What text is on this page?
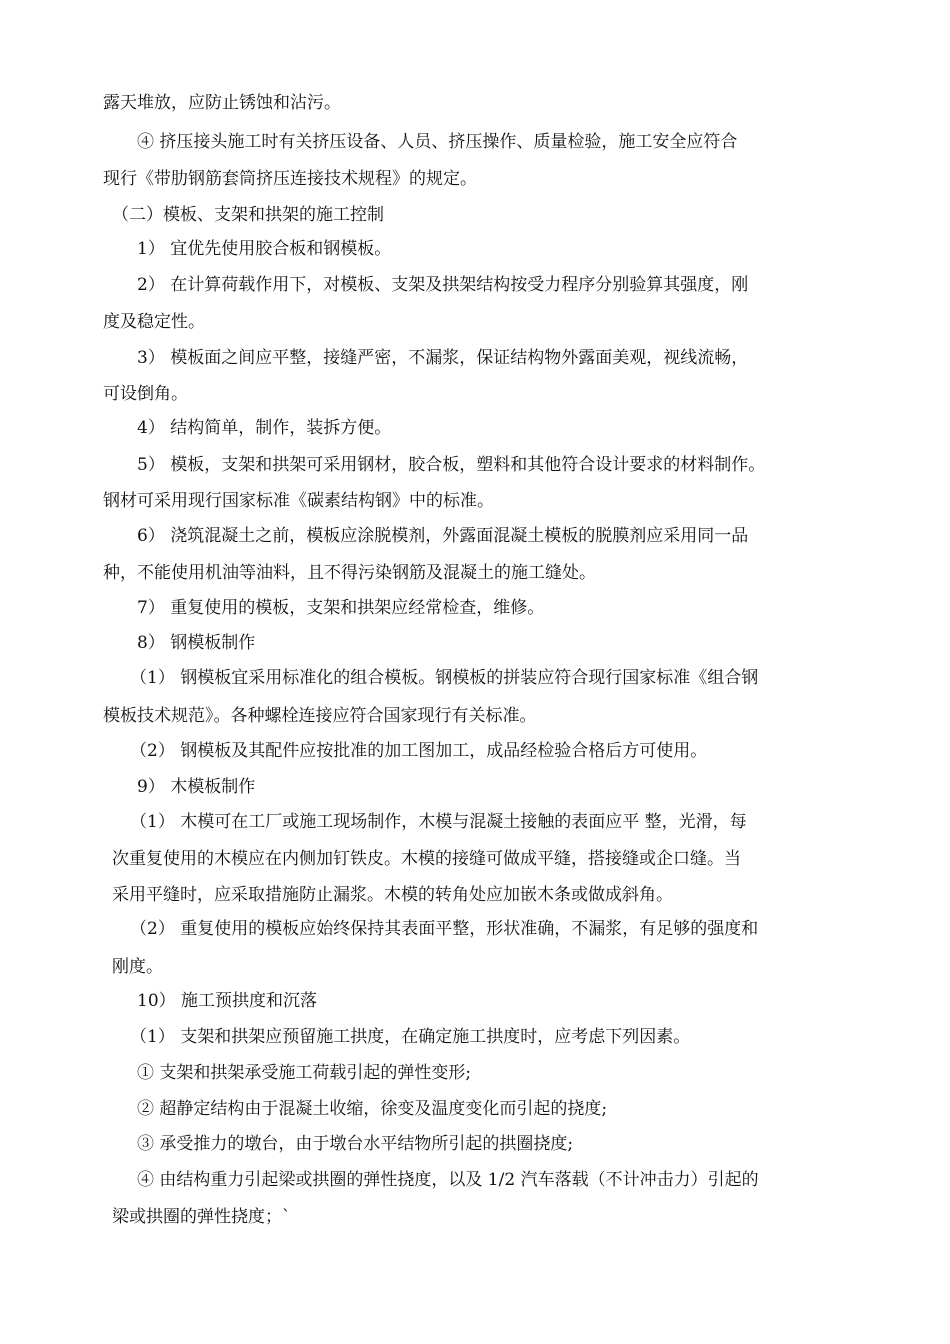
露天堆放，应防止锈蚀和沾污。
④ 挤压接头施工时有关挤压设备、人员、挤压操作、质量检验，施工安全应符合
现行《带肋钢筋套筒挤压连接技术规程》的规定。
（二）模板、支架和拱架的施工控制
1） 宜优先使用胶合板和钢模板。
2） 在计算荷载作用下，对模板、支架及拱架结构按受力程序分别验算其强度，刚
度及稳定性。
3） 模板面之间应平整，接缝严密，不漏浆，保证结构物外露面美观，视线流畅，
可设倒角。
4） 结构简单，制作，装拆方便。
5） 模板，支架和拱架可采用钢材，胶合板，塑料和其他符合设计要求的材料制作。
钢材可采用现行国家标准《碳素结构钢》中的标准。
6） 浇筑混凝土之前，模板应涂脱模剂，外露面混凝土模板的脱膜剂应采用同一品
种，不能使用机油等油料，且不得污染钢筋及混凝土的施工缝处。
7） 重复使用的模板，支架和拱架应经常检查，维修。
8） 钢模板制作
（1） 钢模板宜采用标准化的组合模板。钢模板的拼装应符合现行国家标准《组合钢
模板技术规范》。各种螺栓连接应符合国家现行有关标准。
（2） 钢模板及其配件应按批准的加工图加工，成品经检验合格后方可使用。
9） 木模板制作
（1） 木模可在工厂或施工现场制作，木模与混凝土接触的表面应平 整，光滑，每
次重复使用的木模应在内侧加钉铁皮。木模的接缝可做成平缝，搭接缝或企口缝。当
采用平缝时，应采取措施防止漏浆。木模的转角处应加嵌木条或做成斜角。
（2） 重复使用的模板应始终保持其表面平整，形状准确，不漏浆，有足够的强度和
刚度。
10） 施工预拱度和沉落
（1） 支架和拱架应预留施工拱度，在确定施工拱度时，应考虑下列因素。
① 支架和拱架承受施工荷载引起的弹性变形;
② 超静定结构由于混凝土收缩，徐变及温度变化而引起的挠度;
③ 承受推力的墩台，由于墩台水平结物所引起的拱圈挠度;
④ 由结构重力引起梁或拱圈的弹性挠度，以及 1/2 汽车落载（不计冲击力）引起的
梁或拱圈的弹性挠度；`
